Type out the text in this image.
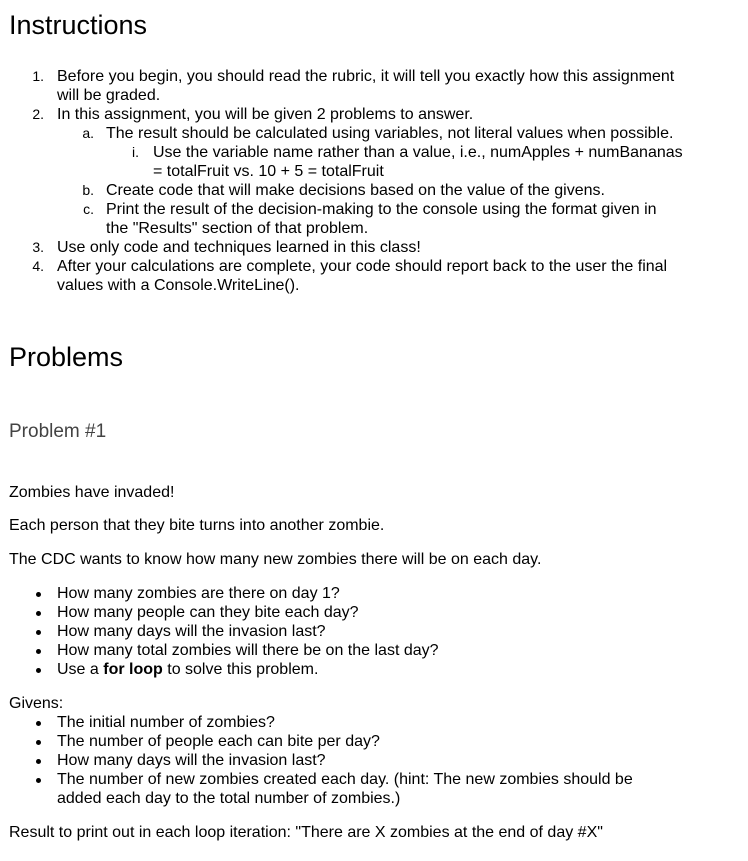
Instructions
1. Before you begin, you should read the rubric, it will tell you exactly how this assignment
will be graded.
2. In this assignment, you will be given 2 problems to answer.
a. The result should be calculated using variables, not literal values when possible.
i. Use the variable name rather than a value, i.e., numApples + numBananas
= totalFruit vs. 10 + 5 = totalFruit
b. Create code that will make decisions based on the value of the givens.
c. Print the result of the decision-making to the console using the format given in
the "Results" section of that problem.
3. Use only code and techniques learned in this class!
4. After your calculations are complete, your code should report back to the user the final
values with a Console.WriteLine().
Problems
Problem #1
Zombies have invaded!
Each person that they bite turns into another zombie.
The CDC wants to know how many new zombies there will be on each day.
How many zombies are there on day 1?
How many people can they bite each day?
How many days will the invasion last?
How many total zombies will there be on the last day?
Use a for loop to solve this problem.
Givens:
The initial number of zombies?
The number of people each can bite per day?
How many days will the invasion last?
The number of new zombies created each day. (hint: The new zombies should be
added each day to the total number of zombies.)
Result to print out in each loop iteration: "There are X zombies at the end of day #X"
